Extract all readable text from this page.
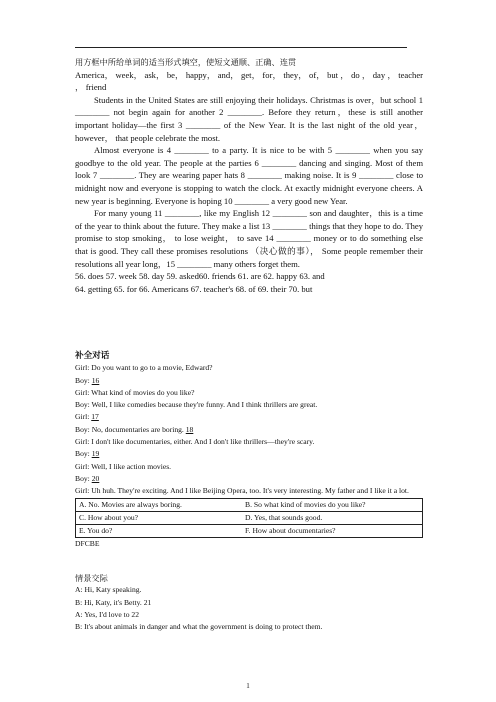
用方框中所给单词的适当形式填空，使短文通顺、正确、连贯

America， week， ask， be， happy， and， get， for， they， of， but ， do ， day ， teacher ， friend

Students in the United States are still enjoying their holidays. Christmas is over，but school 1 ________ not begin again for another 2 ________. Before they return，these is still another important holiday—the first 3 ________ of the New Year. It is the last night of the old year， however， that people celebrate the most.

Almost everyone is 4 ________ to a party. It is nice to be with 5 ________ when you say goodbye to the old year. The people at the parties 6 ________ dancing and singing. Most of them look 7 ________. They are wearing paper hats 8 ________ making noise. It is 9 ________ close to midnight now and everyone is stopping to watch the clock. At exactly midnight everyone cheers. A new year is beginning. Everyone is hoping 10 ________ a very good new Year.

For many young 11 ________, like my English 12 ________ son and daughter，this is a time of the year to think about the future. They make a list 13 ________ things that they hope to do. They promise to stop smoking， to lose weight， to save 14 ________ money or to do something else that is good. They call these promises resolutions （决心做的事）， Some people remember their resolutions all year long，15 ________ many others forget them.

56. does 57. week 58. day 59. asked60. friends 61. are 62. happy 63. and

64. getting 65. for 66. Americans 67. teacher's 68. of 69. their 70. but

补全对话

Girl: Do you want to go to a movie, Edward?

Boy: 16

Girl: What kind of movies do you like?

Boy: Well, I like comedies because they're funny. And I think thrillers are great.

Girl: 17

Boy: No, documentaries are boring. 18

Girl: I don't like documentaries, either. And I don't like thrillers—they're scary.

Boy: 19

Girl: Well, I like action movies.

Boy: 20

Girl: Uh huh. They're exciting. And I like Beijing Opera, too. It's very interesting. My father and I like it a lot.

A. No. Movies are always boring.	B. So what kind of movies do you like?
C. How about you?	D. Yes, that sounds good.
E. You do?	F. How about documentaries?

DFCBE

情景交际

A: Hi, Katy speaking.

B: Hi, Katy, it's Betty. 21

A: Yes, I'd love to 22

B: It's about animals in danger and what the government is doing to protect them.

1
